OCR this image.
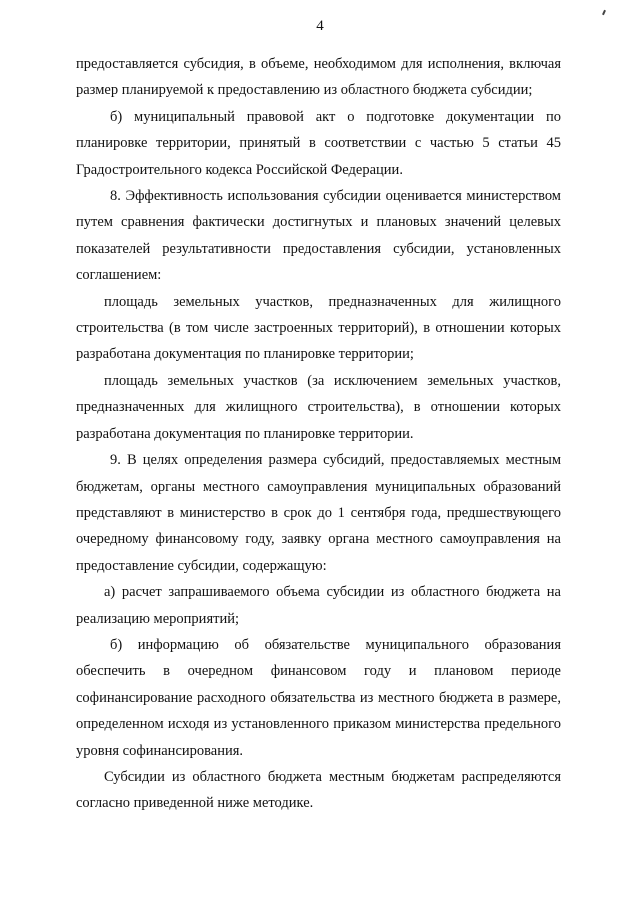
4

предоставляется субсидия, в объеме, необходимом для исполнения, включая размер планируемой к предоставлению из областного бюджета субсидии;

б) муниципальный правовой акт о подготовке документации по планировке территории, принятый в соответствии с частью 5 статьи 45 Градостроительного кодекса Российской Федерации.

8. Эффективность использования субсидии оценивается министерством путем сравнения фактически достигнутых и плановых значений целевых показателей результативности предоставления субсидии, установленных соглашением:

площадь земельных участков, предназначенных для жилищного строительства (в том числе застроенных территорий), в отношении которых разработана документация по планировке территории;

площадь земельных участков (за исключением земельных участков, предназначенных для жилищного строительства), в отношении которых разработана документация по планировке территории.

9. В целях определения размера субсидий, предоставляемых местным бюджетам, органы местного самоуправления муниципальных образований представляют в министерство в срок до 1 сентября года, предшествующего очередному финансовому году, заявку органа местного самоуправления на предоставление субсидии, содержащую:

а) расчет запрашиваемого объема субсидии из областного бюджета на реализацию мероприятий;

б) информацию об обязательстве муниципального образования обеспечить в очередном финансовом году и плановом периоде софинансирование расходного обязательства из местного бюджета в размере, определенном исходя из установленного приказом министерства предельного уровня софинансирования.

Субсидии из областного бюджета местным бюджетам распределяются согласно приведенной ниже методике.
